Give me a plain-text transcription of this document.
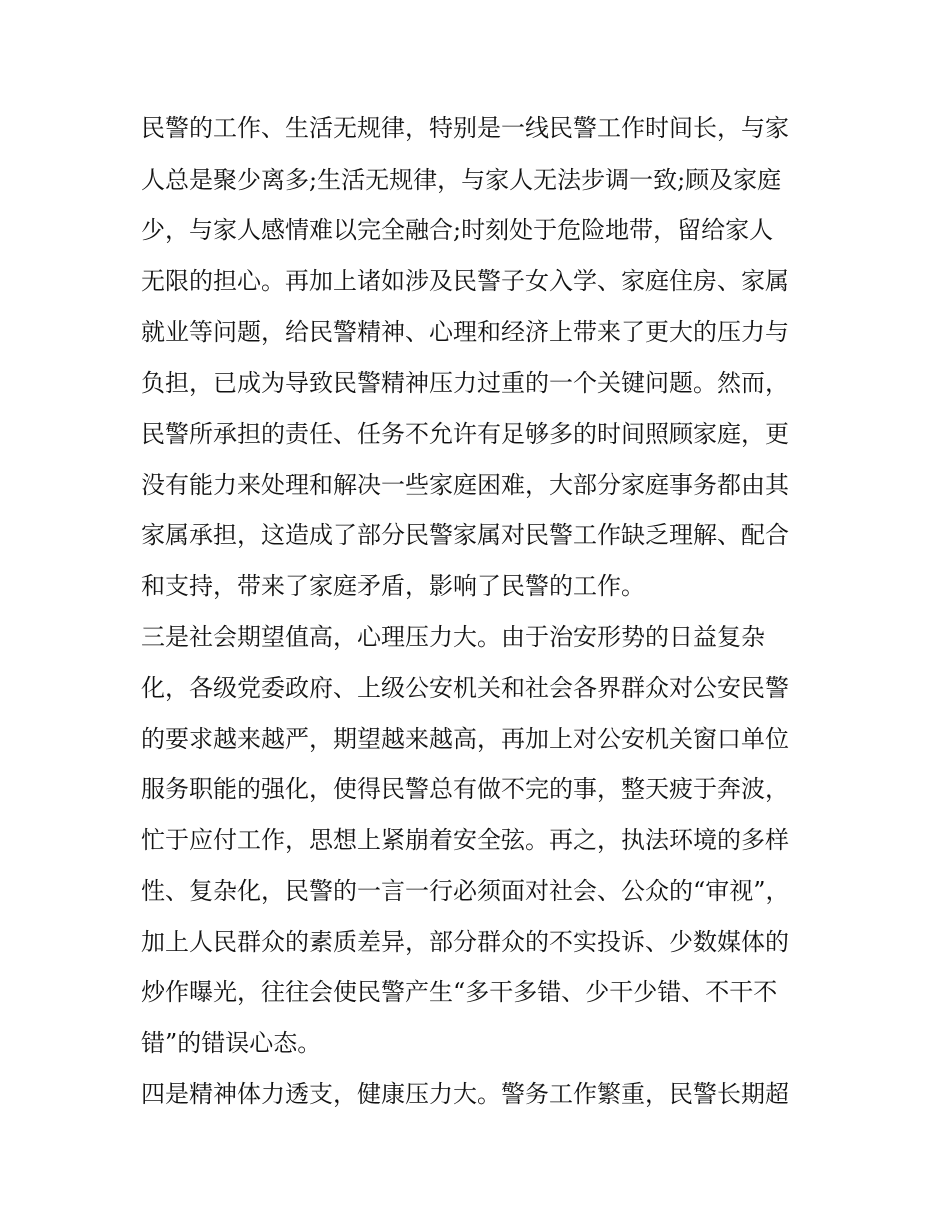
民警的工作、生活无规律，特别是一线民警工作时间长，与家
人总是聚少离多;生活无规律，与家人无法步调一致;顾及家庭
少，与家人感情难以完全融合;时刻处于危险地带，留给家人
无限的担心。再加上诸如涉及民警子女入学、家庭住房、家属
就业等问题，给民警精神、心理和经济上带来了更大的压力与
负担，已成为导致民警精神压力过重的一个关键问题。然而，
民警所承担的责任、任务不允许有足够多的时间照顾家庭，更
没有能力来处理和解决一些家庭困难，大部分家庭事务都由其
家属承担，这造成了部分民警家属对民警工作缺乏理解、配合
和支持，带来了家庭矛盾，影响了民警的工作。
三是社会期望值高，心理压力大。由于治安形势的日益复杂
化，各级党委政府、上级公安机关和社会各界群众对公安民警
的要求越来越严，期望越来越高，再加上对公安机关窗口单位
服务职能的强化，使得民警总有做不完的事，整天疲于奔波，
忙于应付工作，思想上紧崩着安全弦。再之，执法环境的多样
性、复杂化，民警的一言一行必须面对社会、公众的“审视”，
加上人民群众的素质差异，部分群众的不实投诉、少数媒体的
炒作曝光，往往会使民警产生“多干多错、少干少错、不干不
错”的错误心态。
四是精神体力透支，健康压力大。警务工作繁重，民警长期超
